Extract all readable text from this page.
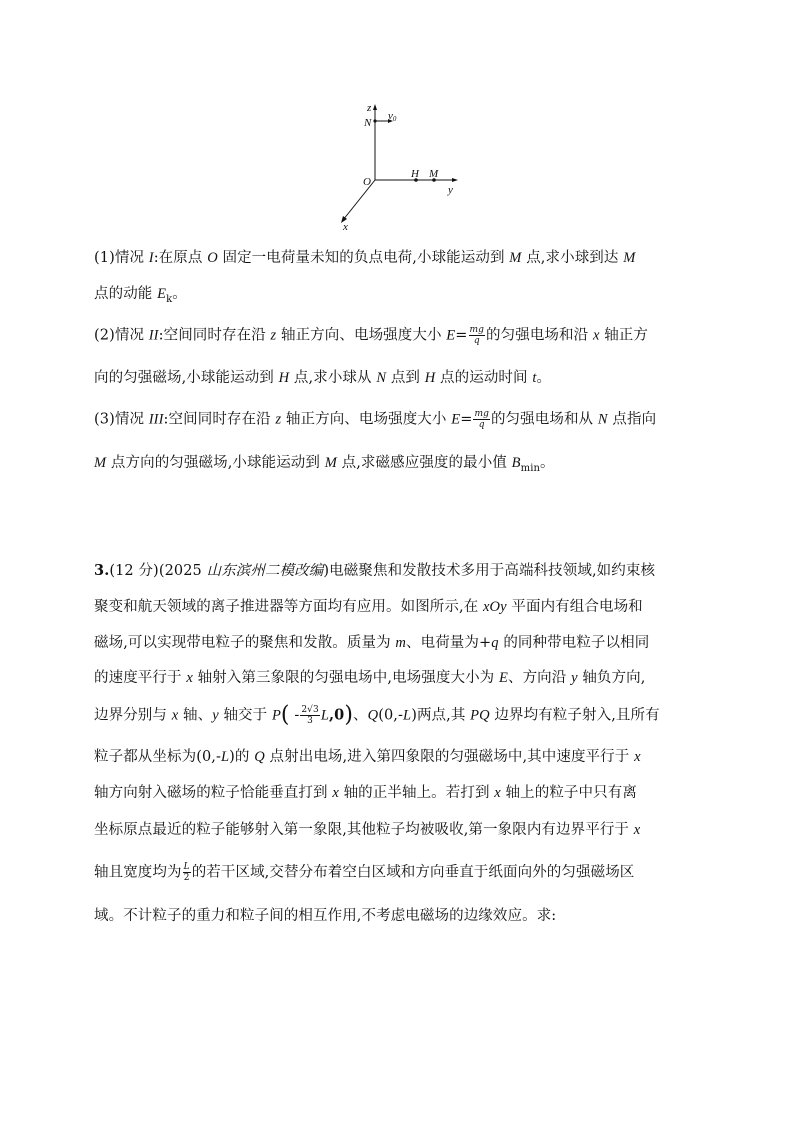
z
N
v0
O
H M
y
x
(1)情况 I:在原点 O 固定一电荷量未知的负点电荷,小球能运动到 M 点,求小球到达 M
点的动能 $E_k$。
(2)情况 II:空间同时存在沿 z 轴正方向、电场强度大小 $E= \frac{mg}{q}$ 的匀强电场和沿 x 轴正方
向的匀强磁场,小球能运动到 H 点,求小球从 N 点到 H 点的运动时间 t。
(3)情况 III:空间同时存在沿 z 轴正方向、电场强度大小 $E= \frac{mg}{q}$ 的匀强电场和从 N 点指向
M 点方向的匀强磁场,小球能运动到 M 点,求磁感应强度的最小值 $B_{min}$。
3.(12 分)(2025 山东滨州二模改编)电磁聚焦和发散技术多用于高端科技领域,如约束核
聚变和航天领域的离子推进器等方面均有应用。如图所示,在 xOy 平面内有组合电场和
磁场,可以实现带电粒子的聚焦和发散。质量为 m、电荷量为+q 的同种带电粒子以相同
的速度平行于 x 轴射入第三象限的匀强电场中,电场强度大小为 E、方向沿 y 轴负方向,
边界分别与 x 轴、y 轴交于 $P( - \frac{2√3}{3} L,0)$、Q(0,-L)两点,其 PQ 边界均有粒子射入,且所有
粒子都从坐标为(0,-L)的 Q 点射出电场,进入第四象限的匀强磁场中,其中速度平行于 x
轴方向射入磁场的粒子恰能垂直打到 x 轴的正半轴上。若打到 x 轴上的粒子中只有离
坐标原点最近的粒子能够射入第一象限,其他粒子均被吸收,第一象限内有边界平行于 x
轴且宽度均为 $\frac{L}{2}$ 的若干区域,交替分布着空白区域和方向垂直于纸面向外的匀强磁场区
域。不计粒子的重力和粒子间的相互作用,不考虑电磁场的边缘效应。求:
